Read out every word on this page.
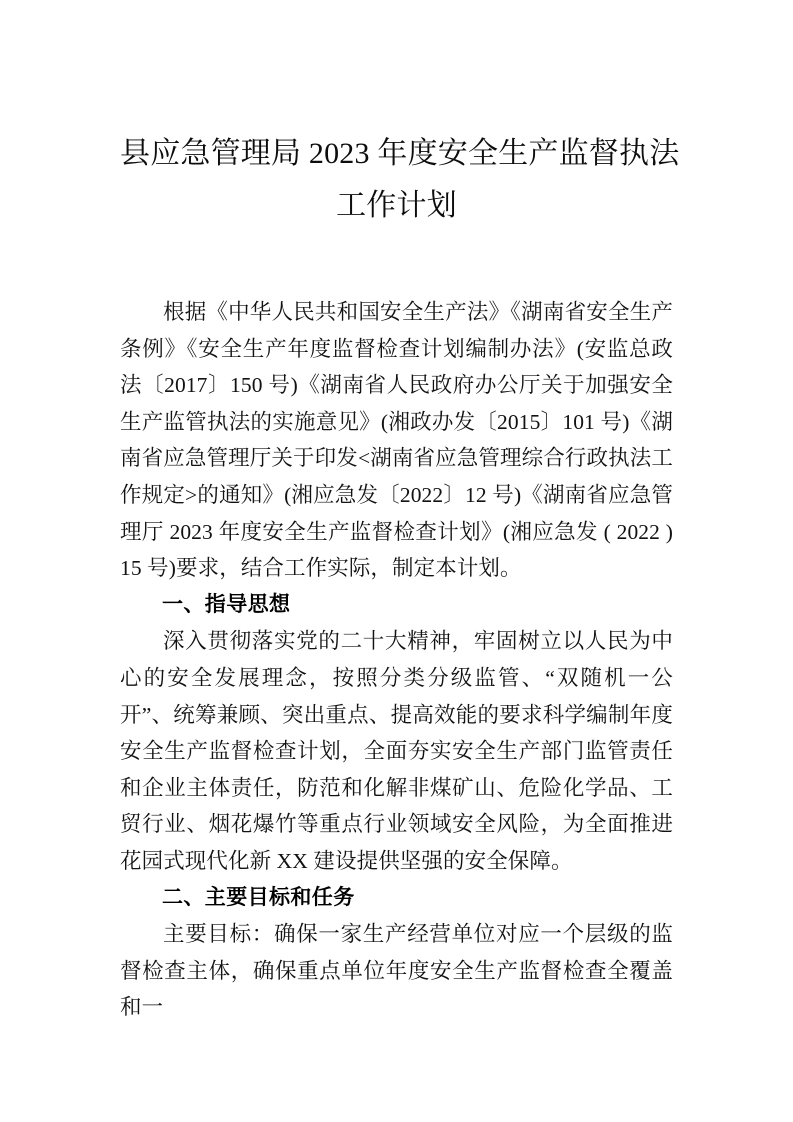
县应急管理局 2023 年度安全生产监督执法
工作计划

根据《中华人民共和国安全生产法》《湖南省安全生产条例》《安全生产年度监督检查计划编制办法》(安监总政法〔2017〕150 号)《湖南省人民政府办公厅关于加强安全生产监管执法的实施意见》(湘政办发〔2015〕101 号)《湖南省应急管理厅关于印发<湖南省应急管理综合行政执法工作规定>的通知》(湘应急发〔2022〕12 号)《湖南省应急管理厅 2023 年度安全生产监督检查计划》(湘应急发 ( 2022 ) 15 号)要求，结合工作实际，制定本计划。

一、指导思想

深入贯彻落实党的二十大精神，牢固树立以人民为中心的安全发展理念，按照分类分级监管、“双随机一公开”、统筹兼顾、突出重点、提高效能的要求科学编制年度安全生产监督检查计划，全面夯实安全生产部门监管责任和企业主体责任，防范和化解非煤矿山、危险化学品、工贸行业、烟花爆竹等重点行业领域安全风险，为全面推进花园式现代化新 XX 建设提供坚强的安全保障。

二、主要目标和任务

主要目标：确保一家生产经营单位对应一个层级的监督检查主体，确保重点单位年度安全生产监督检查全覆盖和一
